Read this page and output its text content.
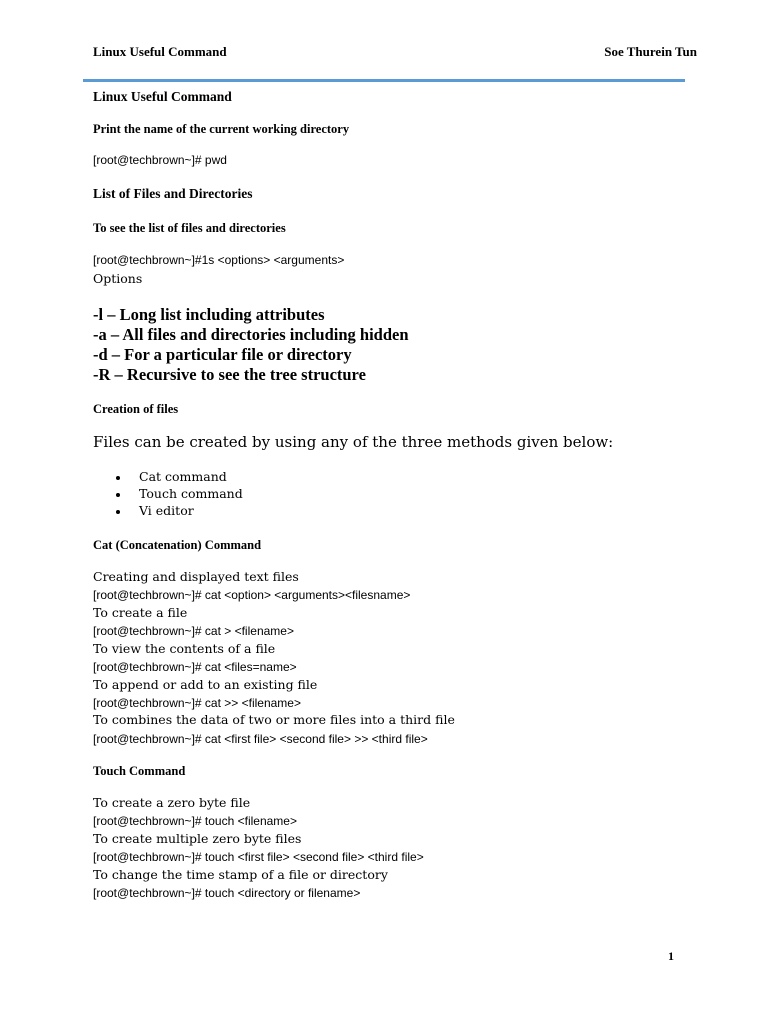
Linux Useful Command	Soe Thurein Tun
Linux Useful Command
Print the name of the current working directory
[root@techbrown~]# pwd
List of Files and Directories
To see the list of files and directories
[root@techbrown~]#1s <options> <arguments>
Options
-l – Long list including attributes
-a – All files and directories including hidden
-d – For a particular file or directory
-R – Recursive to see the tree structure
Creation of files
Files can be created by using any of the three methods given below:
Cat command
Touch command
Vi editor
Cat (Concatenation) Command
Creating and displayed text files
[root@techbrown~]# cat <option> <arguments><filesname>
To create a file
[root@techbrown~]# cat > <filename>
To view the contents of a file
[root@techbrown~]# cat <files=name>
To append or add to an existing file
[root@techbrown~]# cat >> <filename>
To combines the data of two or more files into a third file
[root@techbrown~]# cat <first file> <second file> >> <third file>
Touch Command
To create a zero byte file
[root@techbrown~]# touch <filename>
To create multiple zero byte files
[root@techbrown~]# touch <first file> <second file> <third file>
To change the time stamp of a file or directory
[root@techbrown~]# touch <directory or filename>
1
